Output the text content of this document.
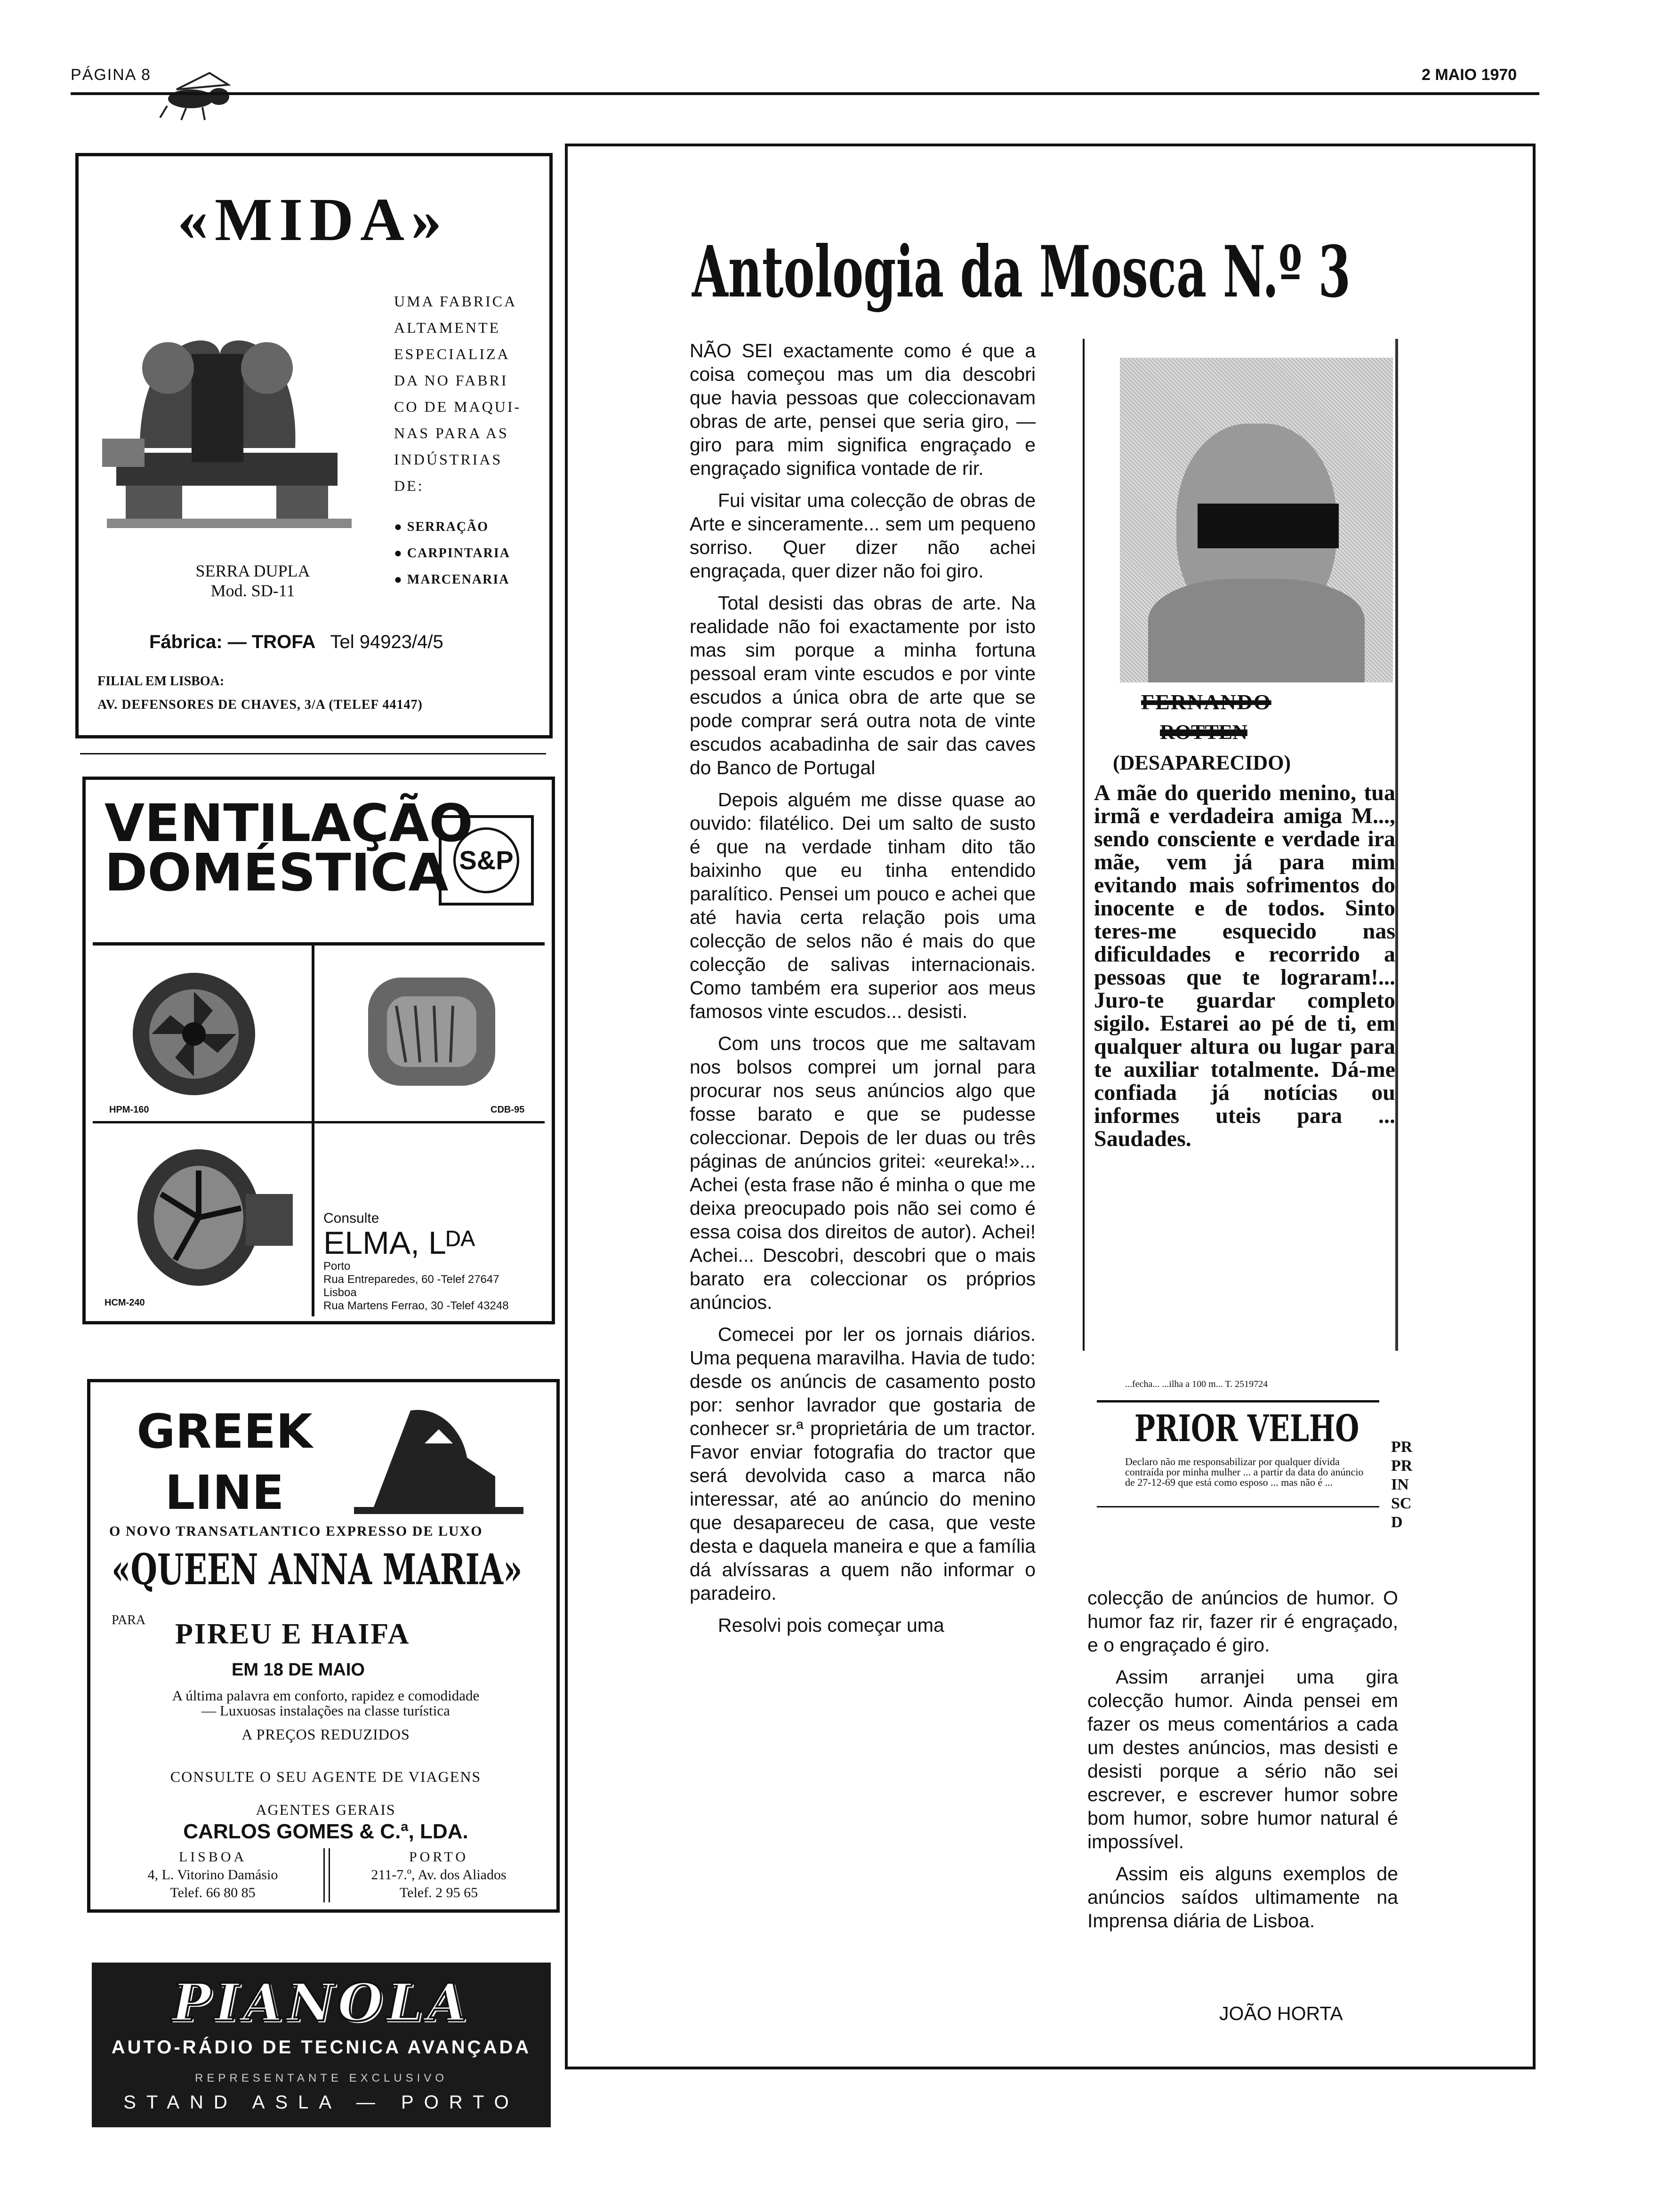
PÁGINA 8	2 MAIO 1970
«MIDA»
UMA FABRICA
ALTAMENTE
ESPECIALIZA
DA NO FABRI
CO DE MAQUI-
NAS PARA AS
INDÚSTRIAS
DE:
● SERRAÇÃO
● CARPINTARIA
● MARCENARIA
SERRA DUPLA
Mod. SD-11
Fábrica: — TROFA Tel 94923/4/5
FILIAL EM LISBOA:
AV. DEFENSORES DE CHAVES, 3/A (TELEF 44147)
VENTILAÇÃO
DOMÉSTICA S&P
HPM-160	CDB-95
HCM-240
Consulte
ELMA, Lᴰᴬ
Porto
Rua Entreparedes, 60 -Telef 27647
Lisboa
Rua Martens Ferrao, 30 -Telef 43248
GREEK
LINE
O NOVO TRANSATLANTICO EXPRESSO DE LUXO
«QUEEN ANNA MARIA»
PARA PIREU E HAIFA
EM 18 DE MAIO
A última palavra em conforto, rapidez e comodidade
— Luxuosas instalações na classe turística
A PREÇOS REDUZIDOS
CONSULTE O SEU AGENTE DE VIAGENS
AGENTES GERAIS
CARLOS GOMES & C.ª, LDA.
LISBOA
4, L. Vitorino Damásio
Telef. 66 80 85
PORTO
211-7.º, Av. dos Aliados
Telef. 2 95 65
PIANOLA
AUTO-RÁDIO DE TECNICA AVANÇADA
REPRESENTANTE EXCLUSIVO
STAND ASLA — PORTO
Antologia da Mosca N.º 3

NÃO SEI exactamente como é que a coisa começou mas um dia descobri que havia pessoas que coleccionavam obras de arte, pensei que seria giro, — giro para mim significa engraçado e engraçado significa vontade de rir.

Fui visitar uma colecção de obras de Arte e sinceramente... sem um pequeno sorriso. Quer dizer não achei engraçada, quer dizer não foi giro.

Total desisti das obras de arte. Na realidade não foi exactamente por isto mas sim porque a minha fortuna pessoal eram vinte escudos e por vinte escudos a única obra de arte que se pode comprar será outra nota de vinte escudos acabadinha de sair das caves do Banco de Portugal

Depois alguém me disse quase ao ouvido: filatélico. Dei um salto de susto é que na verdade tinham dito tão baixinho que eu tinha entendido paralítico. Pensei um pouco e achei que até havia certa relação pois uma colecção de selos não é mais do que colecção de salivas internacionais. Como também era superior aos meus famosos vinte escudos... desisti.

Com uns trocos que me saltavam nos bolsos comprei um jornal para procurar nos seus anúncios algo que fosse barato e que se pudesse coleccionar. Depois de ler duas ou três páginas de anúncios gritei: «eureka!»... Achei (esta frase não é minha o que me deixa preocupado pois não sei como é essa coisa dos direitos de autor). Achei! Achei... Descobri, descobri que o mais barato era coleccionar os próprios anúncios.

Comecei por ler os jornais diários. Uma pequena maravilha. Havia de tudo: desde os anúncis de casamento posto por: senhor lavrador que gostaria de conhecer sr.ª proprietária de um tractor. Favor enviar fotografia do tractor que será devolvida caso a marca não interessar, até ao anúncio do menino que desapareceu de casa, que veste desta e daquela maneira e que a família dá alvíssaras a quem não informar o paradeiro.

Resolvi pois começar uma

FERNANDO
ROTTEN
(DESAPARECIDO)
A mãe do querido menino, tua irmã e verdadeira amiga M..., sendo consciente e verdade ira mãe, vem já para mim evitando mais sofrimentos do inocente e de todos. Sinto teres-me esquecido nas dificuldades e recorrido a pessoas que te lograram!... Juro-te guardar completo sigilo. Estarei ao pé de ti, em qualquer altura ou lugar para te auxiliar totalmente. Dá-me confiada já notícias ou informes uteis para ... Saudades.
...fecha... ...ilha a 100 m... T. 2519724
PRIOR VELHO
Declaro não me responsabilizar por qualquer dívida contraída por minha mulher ... a partir da data do anúncio de 27-12-69 que está como esposo ... mas não é ...
PR
PR
IN
SC
D

colecção de anúncios de humor. O humor faz rir, fazer rir é engraçado, e o engraçado é giro.

Assim arranjei uma gira colecção humor. Ainda pensei em fazer os meus comentários a cada um destes anúncios, mas desisti e desisti porque a sério não sei escrever, e escrever humor sobre bom humor, sobre humor natural é impossível.

Assim eis alguns exemplos de anúncios saídos ultimamente na Imprensa diária de Lisboa.

JOÃO HORTA
